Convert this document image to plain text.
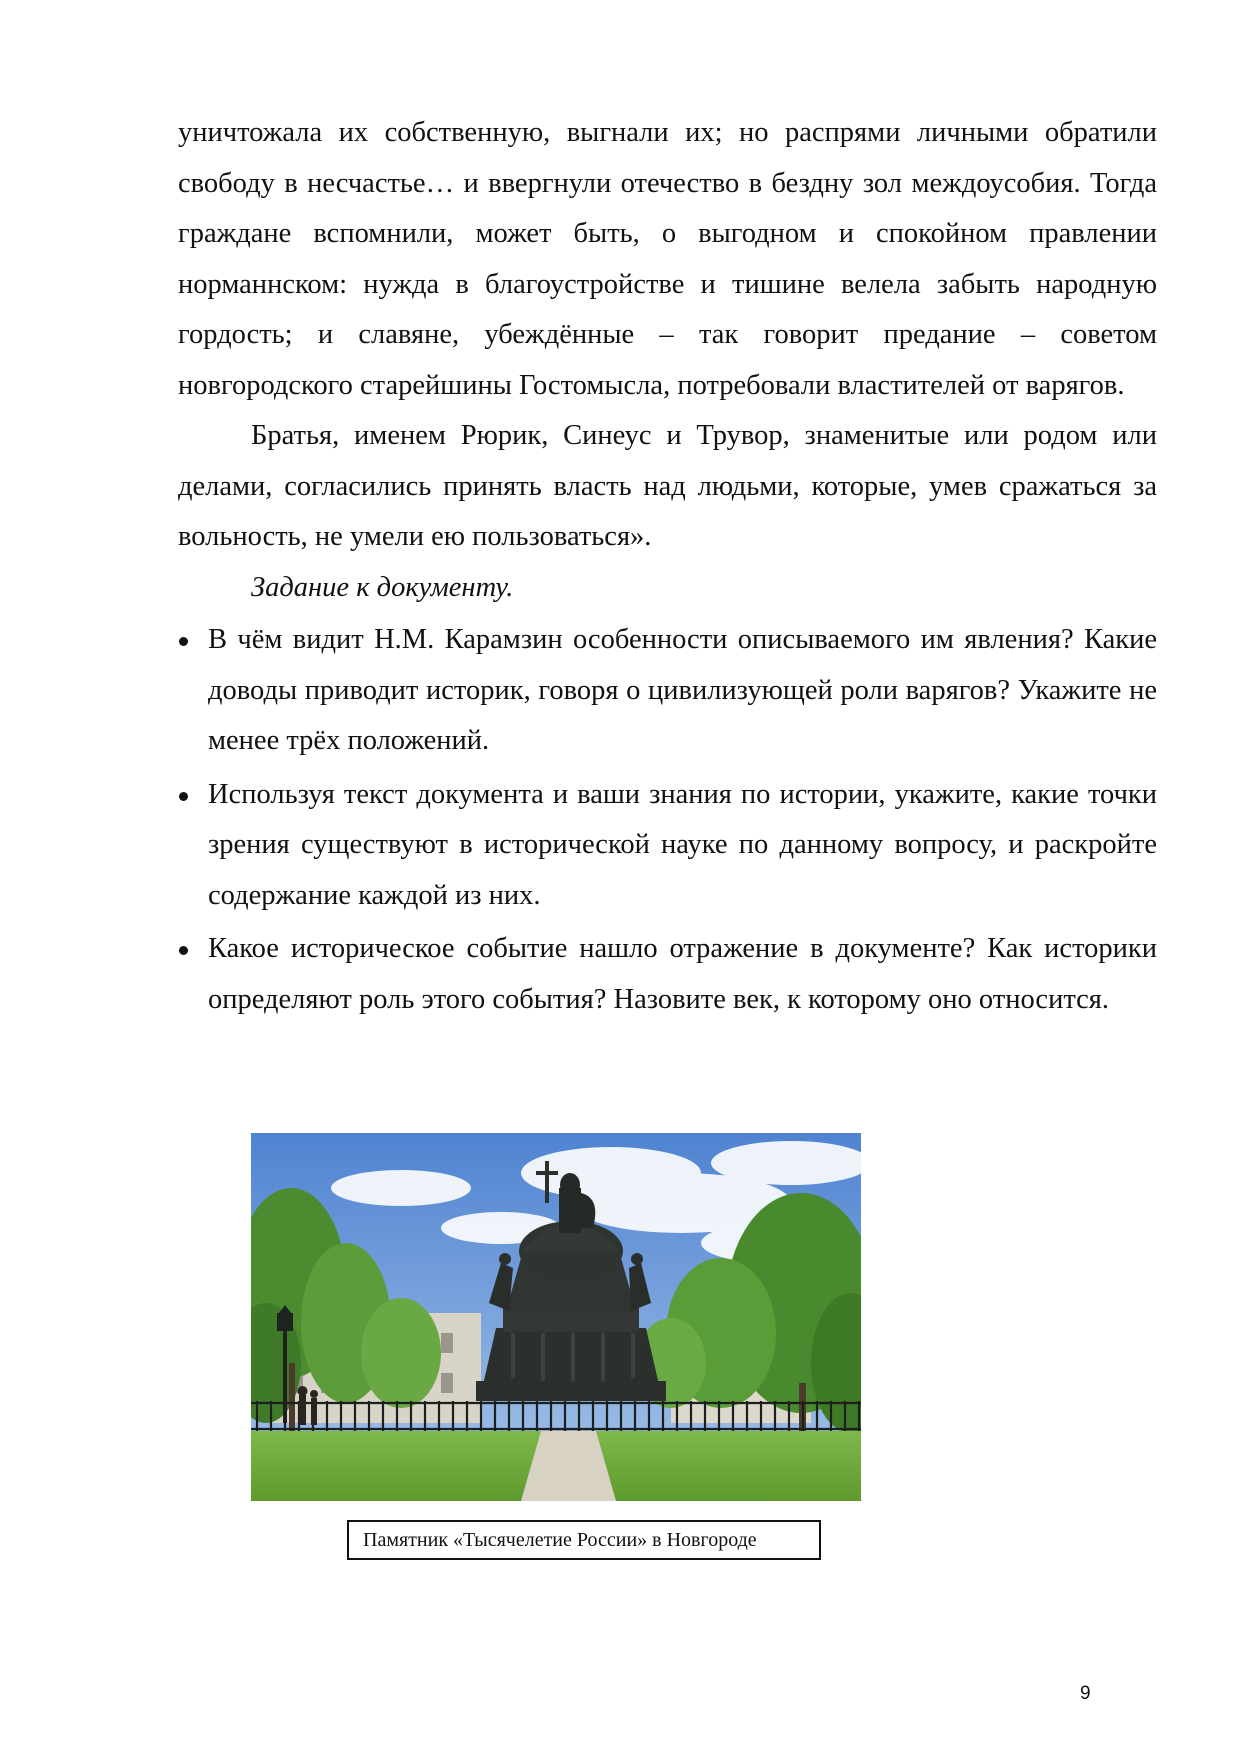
уничтожала их собственную, выгнали их; но распрями личными обратили свободу в несчастье… и ввергнули отечество в бездну зол междоусобия. Тогда граждане вспомнили, может быть, о выгодном и спокойном правлении норманнском: нужда в благоустройстве и тишине велела забыть народную гордость; и славяне, убеждённые – так говорит предание – советом новгородского старейшины Гостомысла, потребовали властителей от варягов.

Братья, именем Рюрик, Синеус и Трувор, знаменитые или родом или делами, согласились принять власть над людьми, которые, умев сражаться за вольность, не умели ею пользоваться».

Задание к документу.

В чём видит Н.М. Карамзин особенности описываемого им явления? Какие доводы приводит историк, говоря о цивилизующей роли варягов? Укажите не менее трёх положений.
Используя текст документа и ваши знания по истории, укажите, какие точки зрения существуют в исторической науке по данному вопросу, и раскройте содержание каждой из них.
Какое историческое событие нашло отражение в документе? Как историки определяют роль этого события? Назовите век, к которому оно относится.
Памятник «Тысячелетие России» в Новгороде
9
